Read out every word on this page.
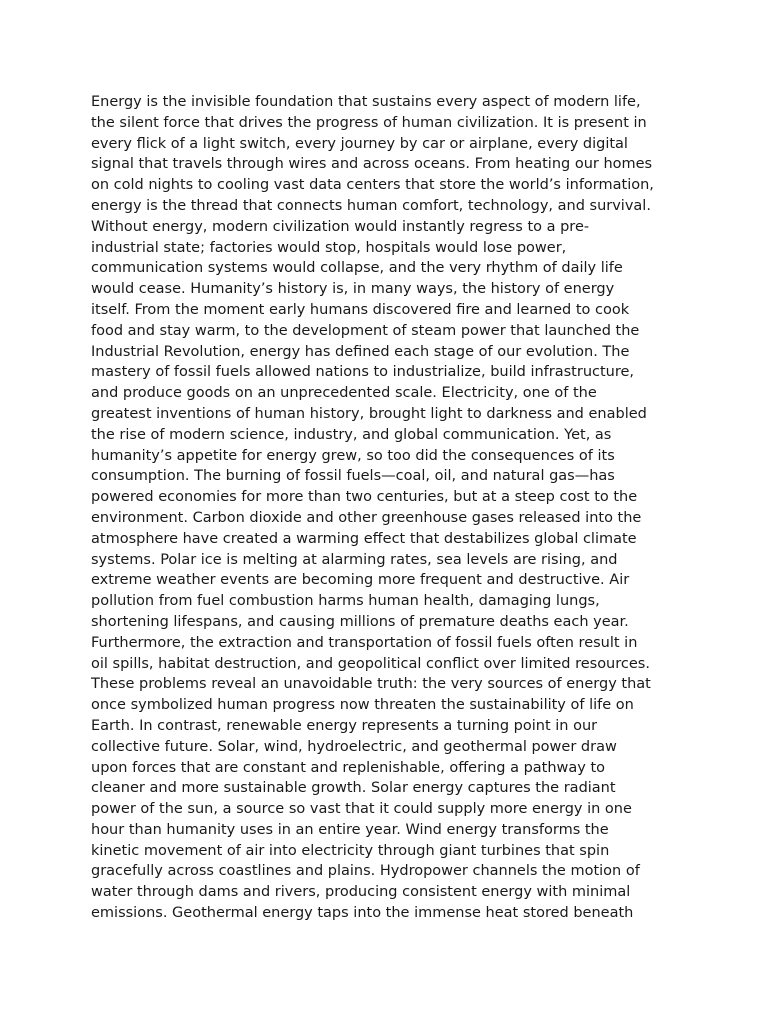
Energy is the invisible foundation that sustains every aspect of modern life,
the silent force that drives the progress of human civilization. It is present in
every flick of a light switch, every journey by car or airplane, every digital
signal that travels through wires and across oceans. From heating our homes
on cold nights to cooling vast data centers that store the world’s information,
energy is the thread that connects human comfort, technology, and survival.
Without energy, modern civilization would instantly regress to a pre-
industrial state; factories would stop, hospitals would lose power,
communication systems would collapse, and the very rhythm of daily life
would cease. Humanity’s history is, in many ways, the history of energy
itself. From the moment early humans discovered fire and learned to cook
food and stay warm, to the development of steam power that launched the
Industrial Revolution, energy has defined each stage of our evolution. The
mastery of fossil fuels allowed nations to industrialize, build infrastructure,
and produce goods on an unprecedented scale. Electricity, one of the
greatest inventions of human history, brought light to darkness and enabled
the rise of modern science, industry, and global communication. Yet, as
humanity’s appetite for energy grew, so too did the consequences of its
consumption. The burning of fossil fuels—coal, oil, and natural gas—has
powered economies for more than two centuries, but at a steep cost to the
environment. Carbon dioxide and other greenhouse gases released into the
atmosphere have created a warming effect that destabilizes global climate
systems. Polar ice is melting at alarming rates, sea levels are rising, and
extreme weather events are becoming more frequent and destructive. Air
pollution from fuel combustion harms human health, damaging lungs,
shortening lifespans, and causing millions of premature deaths each year.
Furthermore, the extraction and transportation of fossil fuels often result in
oil spills, habitat destruction, and geopolitical conflict over limited resources.
These problems reveal an unavoidable truth: the very sources of energy that
once symbolized human progress now threaten the sustainability of life on
Earth. In contrast, renewable energy represents a turning point in our
collective future. Solar, wind, hydroelectric, and geothermal power draw
upon forces that are constant and replenishable, offering a pathway to
cleaner and more sustainable growth. Solar energy captures the radiant
power of the sun, a source so vast that it could supply more energy in one
hour than humanity uses in an entire year. Wind energy transforms the
kinetic movement of air into electricity through giant turbines that spin
gracefully across coastlines and plains. Hydropower channels the motion of
water through dams and rivers, producing consistent energy with minimal
emissions. Geothermal energy taps into the immense heat stored beneath
